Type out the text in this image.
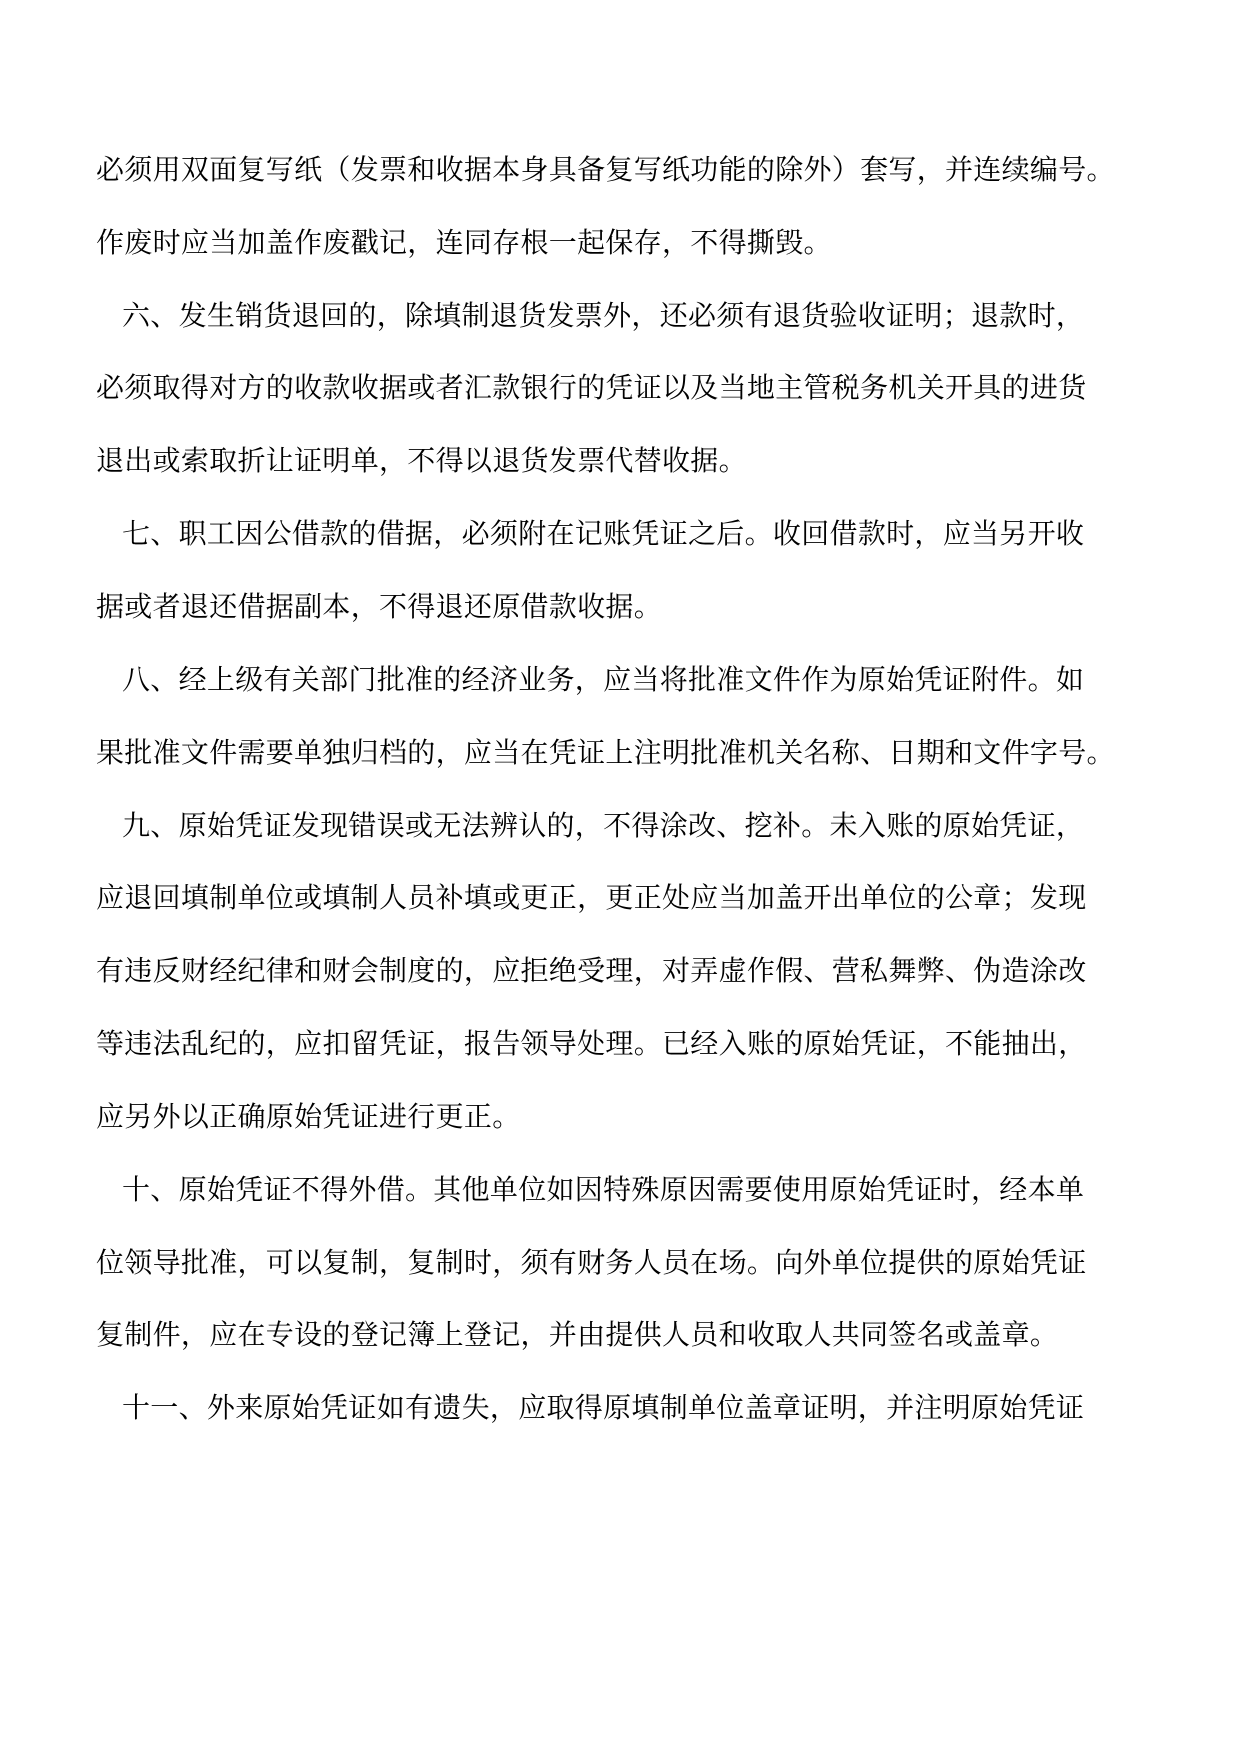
必须用双面复写纸（发票和收据本身具备复写纸功能的除外）套写，并连续编号。
作废时应当加盖作废戳记，连同存根一起保存，不得撕毁。
六、发生销货退回的，除填制退货发票外，还必须有退货验收证明；退款时，
必须取得对方的收款收据或者汇款银行的凭证以及当地主管税务机关开具的进货
退出或索取折让证明单，不得以退货发票代替收据。
七、职工因公借款的借据，必须附在记账凭证之后。收回借款时，应当另开收
据或者退还借据副本，不得退还原借款收据。
八、经上级有关部门批准的经济业务，应当将批准文件作为原始凭证附件。如
果批准文件需要单独归档的，应当在凭证上注明批准机关名称、日期和文件字号。
九、原始凭证发现错误或无法辨认的，不得涂改、挖补。未入账的原始凭证，
应退回填制单位或填制人员补填或更正，更正处应当加盖开出单位的公章；发现
有违反财经纪律和财会制度的，应拒绝受理，对弄虚作假、营私舞弊、伪造涂改
等违法乱纪的，应扣留凭证，报告领导处理。已经入账的原始凭证，不能抽出，
应另外以正确原始凭证进行更正。
十、原始凭证不得外借。其他单位如因特殊原因需要使用原始凭证时，经本单
位领导批准，可以复制，复制时，须有财务人员在场。向外单位提供的原始凭证
复制件，应在专设的登记簿上登记，并由提供人员和收取人共同签名或盖章。
十一、外来原始凭证如有遗失，应取得原填制单位盖章证明，并注明原始凭证
